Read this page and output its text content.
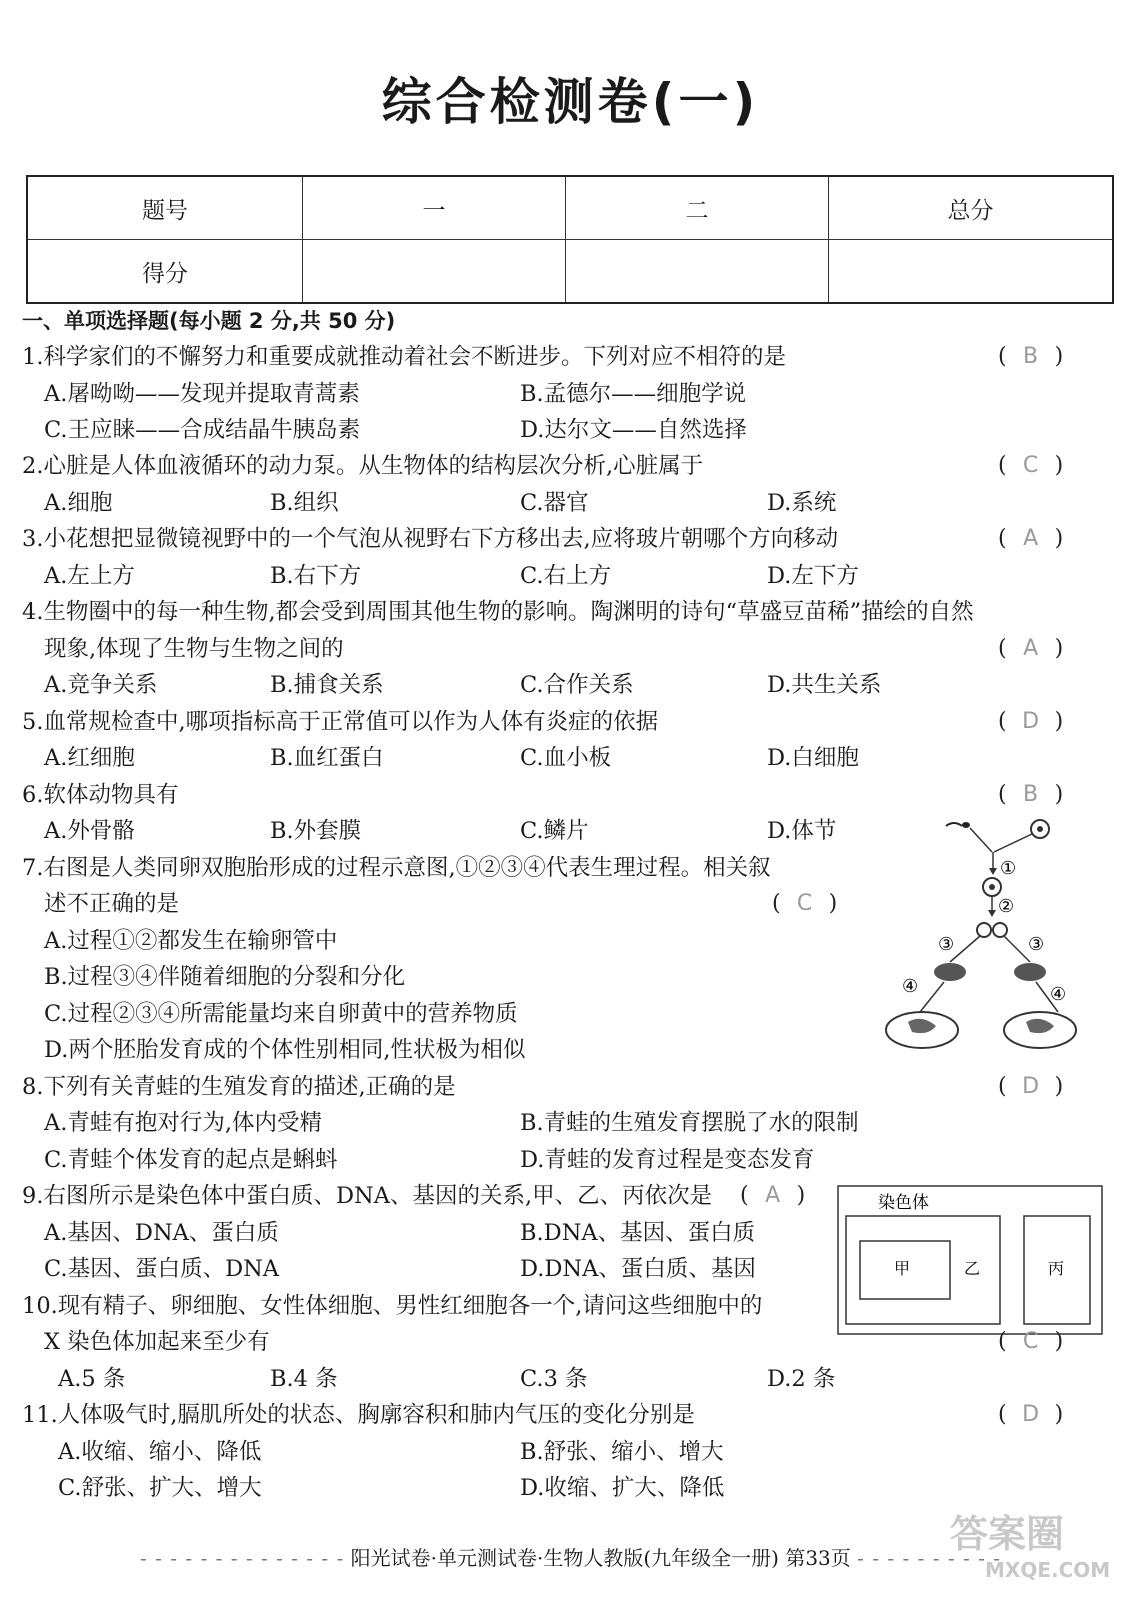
综合检测卷(一)
题号	一	二	总分
得分			
一、单项选择题(每小题 2 分,共 50 分)
1.科学家们的不懈努力和重要成就推动着社会不断进步。下列对应不相符的是	( B )
A.屠呦呦——发现并提取青蒿素	B.孟德尔——细胞学说
C.王应睐——合成结晶牛胰岛素	D.达尔文——自然选择
2.心脏是人体血液循环的动力泵。从生物体的结构层次分析,心脏属于	( C )
A.细胞	B.组织	C.器官	D.系统
3.小花想把显微镜视野中的一个气泡从视野右下方移出去,应将玻片朝哪个方向移动	( A )
A.左上方	B.右下方	C.右上方	D.左下方
4.生物圈中的每一种生物,都会受到周围其他生物的影响。陶渊明的诗句“草盛豆苗稀”描绘的自然
现象,体现了生物与生物之间的	( A )
A.竞争关系	B.捕食关系	C.合作关系	D.共生关系
5.血常规检查中,哪项指标高于正常值可以作为人体有炎症的依据	( D )
A.红细胞	B.血红蛋白	C.血小板	D.白细胞
6.软体动物具有	( B )
A.外骨骼	B.外套膜	C.鳞片	D.体节
7.右图是人类同卵双胞胎形成的过程示意图,①②③④代表生理过程。相关叙
述不正确的是	( C )
A.过程①②都发生在输卵管中
B.过程③④伴随着细胞的分裂和分化
C.过程②③④所需能量均来自卵黄中的营养物质
D.两个胚胎发育成的个体性别相同,性状极为相似
①
②
③	③
④	④
8.下列有关青蛙的生殖发育的描述,正确的是	( D )
A.青蛙有抱对行为,体内受精	B.青蛙的生殖发育摆脱了水的限制
C.青蛙个体发育的起点是蝌蚪	D.青蛙的发育过程是变态发育
9.右图所示是染色体中蛋白质、DNA、基因的关系,甲、乙、丙依次是 ( A )
A.基因、DNA、蛋白质	B.DNA、基因、蛋白质
C.基因、蛋白质、DNA	D.DNA、蛋白质、基因
染色体
甲	乙	丙
10.现有精子、卵细胞、女性体细胞、男性红细胞各一个,请问这些细胞中的
X 染色体加起来至少有	( C )
A.5 条	B.4 条	C.3 条	D.2 条
11.人体吸气时,膈肌所处的状态、胸廓容积和肺内气压的变化分别是	( D )
A.收缩、缩小、降低	B.舒张、缩小、增大
C.舒张、扩大、增大	D.收缩、扩大、降低
- - - - - - - - - - - - - - 阳光试卷·单元测试卷·生物人教版(九年级全一册) 第33页 - - - - - - - - - -
答案圈
MXQE.COM
